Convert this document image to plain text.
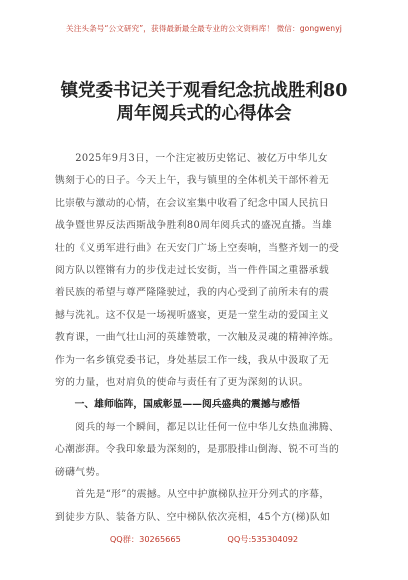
关注头条号“公文研究”，获得最新最全最专业的公文资料库！ 微信：gongwenyj
镇党委书记关于观看纪念抗战胜利80
周年阅兵式的心得体会

　　2025年9月3日，一个注定被历史铭记、被亿万中华儿女
镌刻于心的日子。今天上午，我与镇里的全体机关干部怀着无
比崇敬与激动的心情，在会议室集中收看了纪念中国人民抗日
战争暨世界反法西斯战争胜利80周年阅兵式的盛况直播。当雄
壮的《义勇军进行曲》在天安门广场上空奏响，当整齐划一的受
阅方队以铿锵有力的步伐走过长安街，当一件件国之重器承载
着民族的希望与尊严隆隆驶过，我的内心受到了前所未有的震
撼与洗礼。这不仅是一场视听盛宴，更是一堂生动的爱国主义
教育课，一曲气壮山河的英雄赞歌，一次触及灵魂的精神淬炼。
作为一名乡镇党委书记，身处基层工作一线，我从中汲取了无
穷的力量，也对肩负的使命与责任有了更为深刻的认识。

　　一、雄师临阵，国威彰显——阅兵盛典的震撼与感悟

　　阅兵的每一个瞬间，都足以让任何一位中华儿女热血沸腾、
心潮澎湃。令我印象最为深刻的，是那股排山倒海、锐不可当的
磅礴气势。

　　首先是“形”的震撼。从空中护旗梯队拉开分列式的序幕，
到徒步方队、装备方队、空中梯队依次亮相，45个方(梯)队如

QQ群：30265665	QQ号:535304092
